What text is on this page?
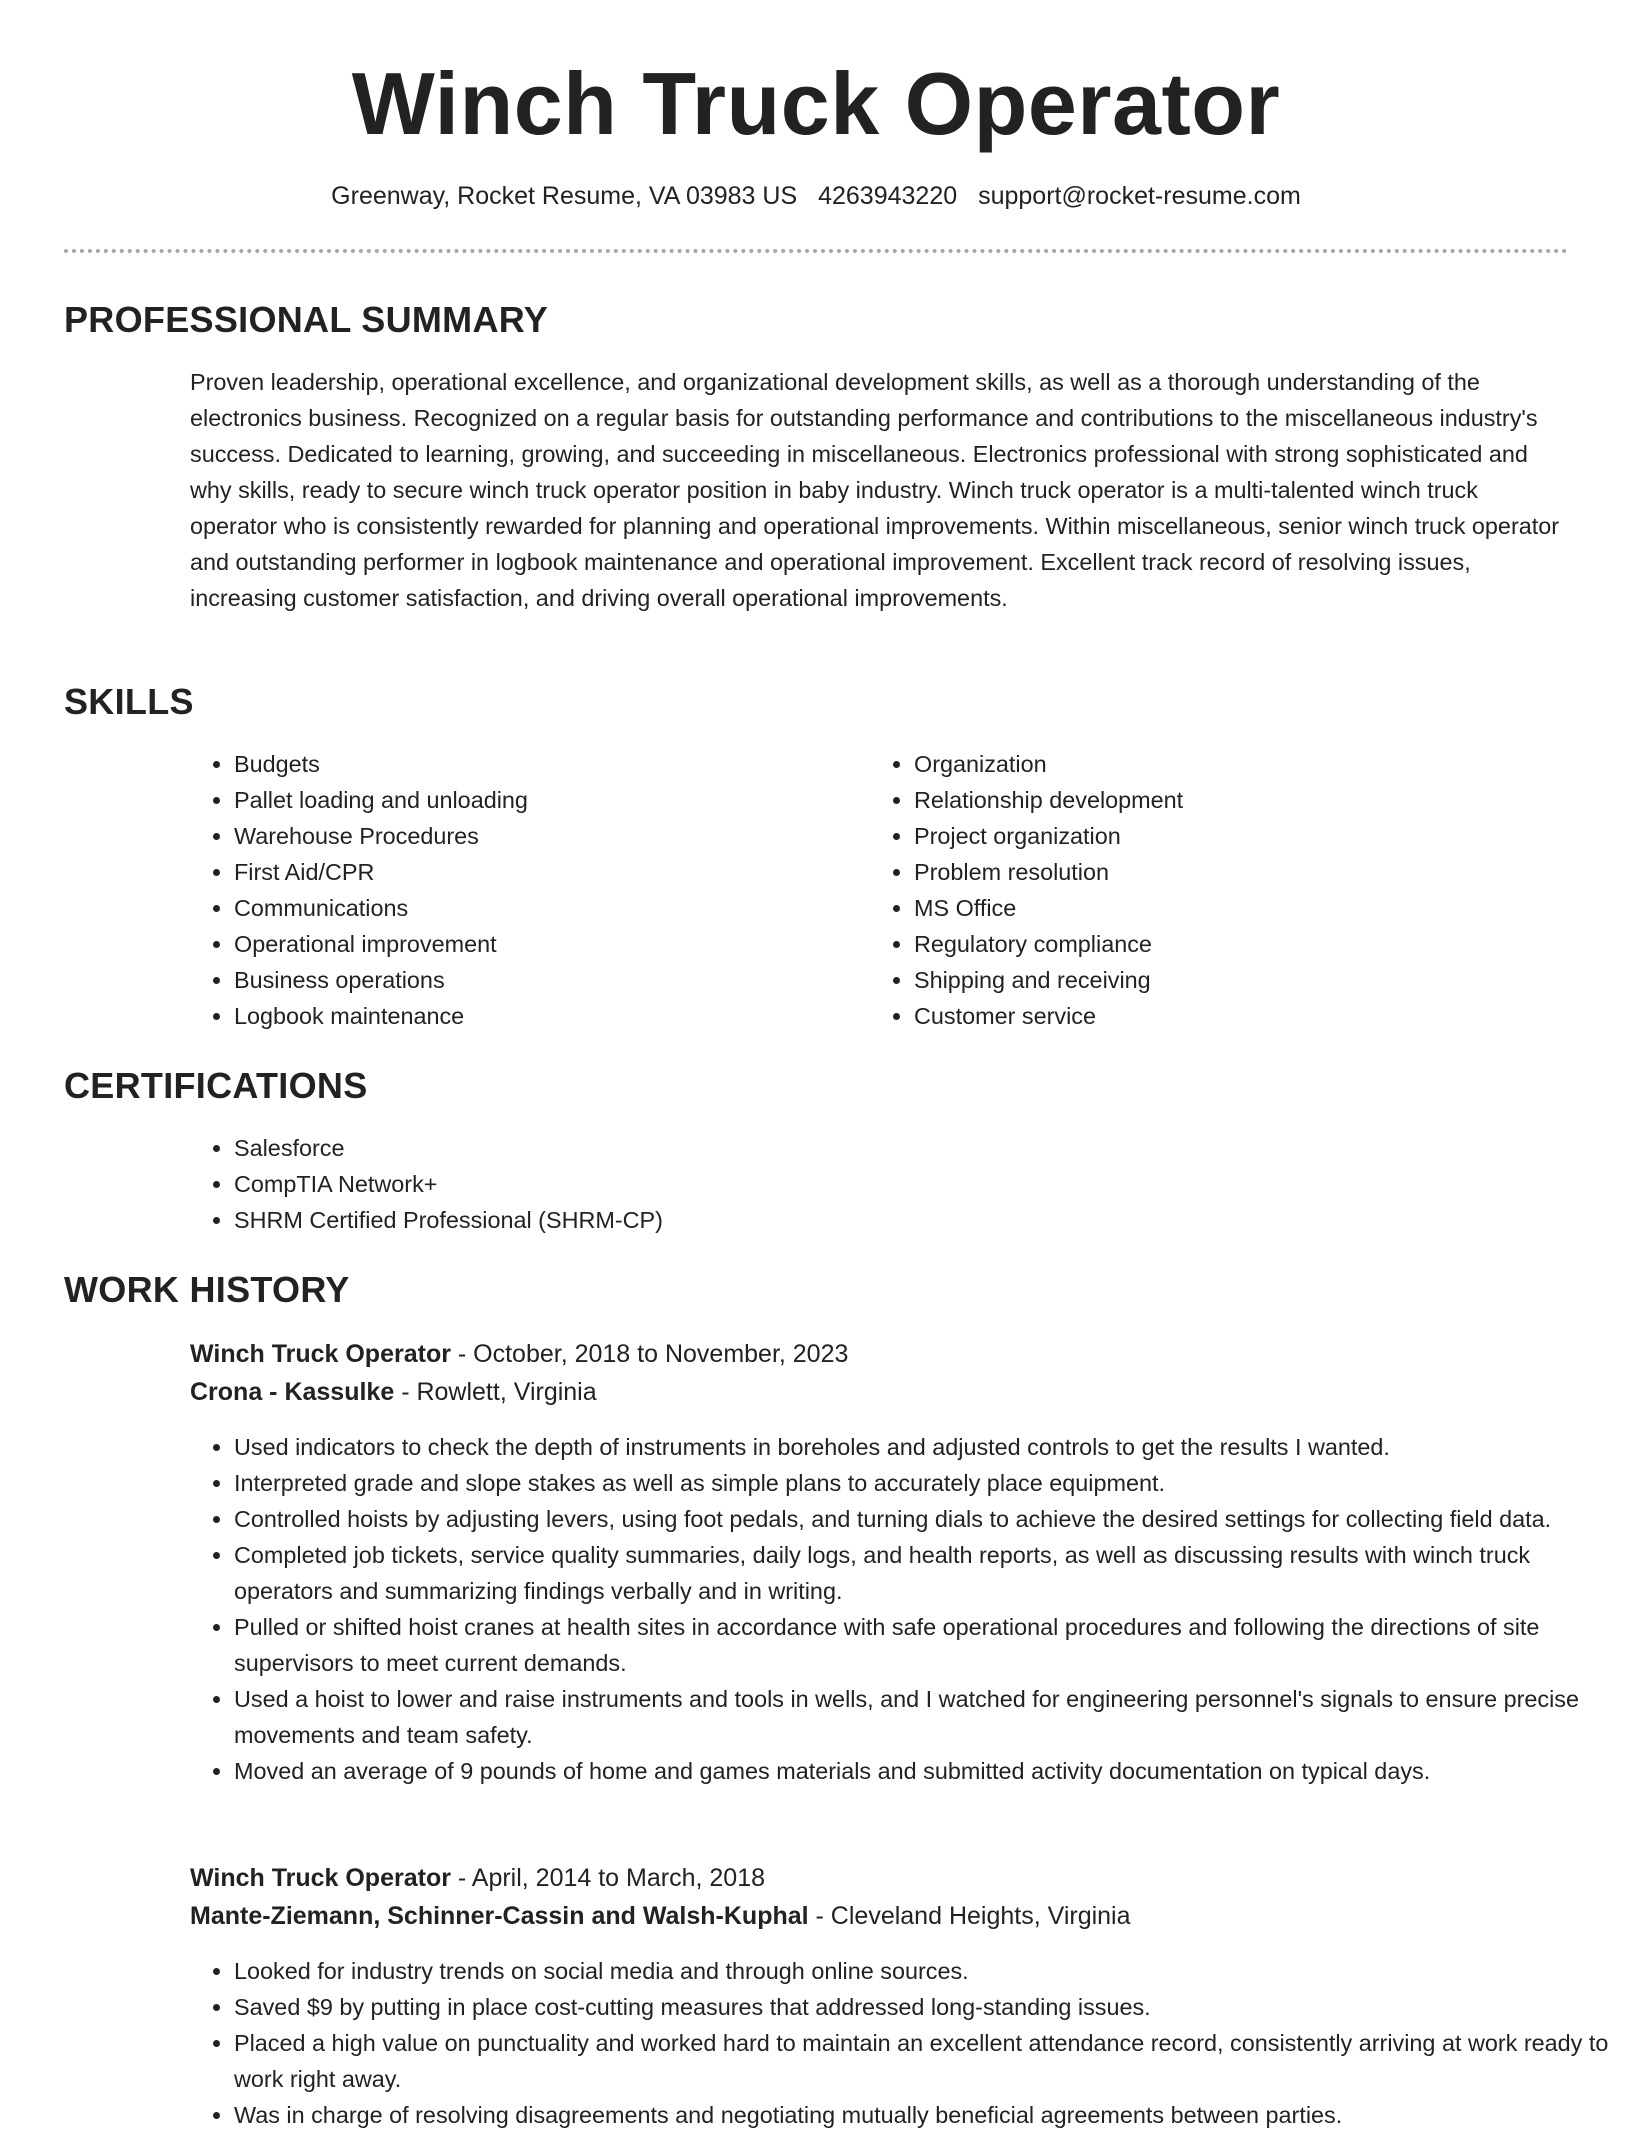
Winch Truck Operator
Greenway, Rocket Resume, VA 03983 US 4263943220 support@rocket-resume.com
PROFESSIONAL SUMMARY
Proven leadership, operational excellence, and organizational development skills, as well as a thorough understanding of the electronics business. Recognized on a regular basis for outstanding performance and contributions to the miscellaneous industry's success. Dedicated to learning, growing, and succeeding in miscellaneous. Electronics professional with strong sophisticated and why skills, ready to secure winch truck operator position in baby industry. Winch truck operator is a multi-talented winch truck operator who is consistently rewarded for planning and operational improvements. Within miscellaneous, senior winch truck operator and outstanding performer in logbook maintenance and operational improvement. Excellent track record of resolving issues, increasing customer satisfaction, and driving overall operational improvements.
SKILLS
• Budgets
• Pallet loading and unloading
• Warehouse Procedures
• First Aid/CPR
• Communications
• Operational improvement
• Business operations
• Logbook maintenance
• Organization
• Relationship development
• Project organization
• Problem resolution
• MS Office
• Regulatory compliance
• Shipping and receiving
• Customer service
CERTIFICATIONS
• Salesforce
• CompTIA Network+
• SHRM Certified Professional (SHRM-CP)
WORK HISTORY
Winch Truck Operator - October, 2018 to November, 2023
Crona - Kassulke - Rowlett, Virginia
• Used indicators to check the depth of instruments in boreholes and adjusted controls to get the results I wanted.
• Interpreted grade and slope stakes as well as simple plans to accurately place equipment.
• Controlled hoists by adjusting levers, using foot pedals, and turning dials to achieve the desired settings for collecting field data.
• Completed job tickets, service quality summaries, daily logs, and health reports, as well as discussing results with winch truck operators and summarizing findings verbally and in writing.
• Pulled or shifted hoist cranes at health sites in accordance with safe operational procedures and following the directions of site supervisors to meet current demands.
• Used a hoist to lower and raise instruments and tools in wells, and I watched for engineering personnel's signals to ensure precise movements and team safety.
• Moved an average of 9 pounds of home and games materials and submitted activity documentation on typical days.
Winch Truck Operator - April, 2014 to March, 2018
Mante-Ziemann, Schinner-Cassin and Walsh-Kuphal - Cleveland Heights, Virginia
• Looked for industry trends on social media and through online sources.
• Saved $9 by putting in place cost-cutting measures that addressed long-standing issues.
• Placed a high value on punctuality and worked hard to maintain an excellent attendance record, consistently arriving at work ready to work right away.
• Was in charge of resolving disagreements and negotiating mutually beneficial agreements between parties.
